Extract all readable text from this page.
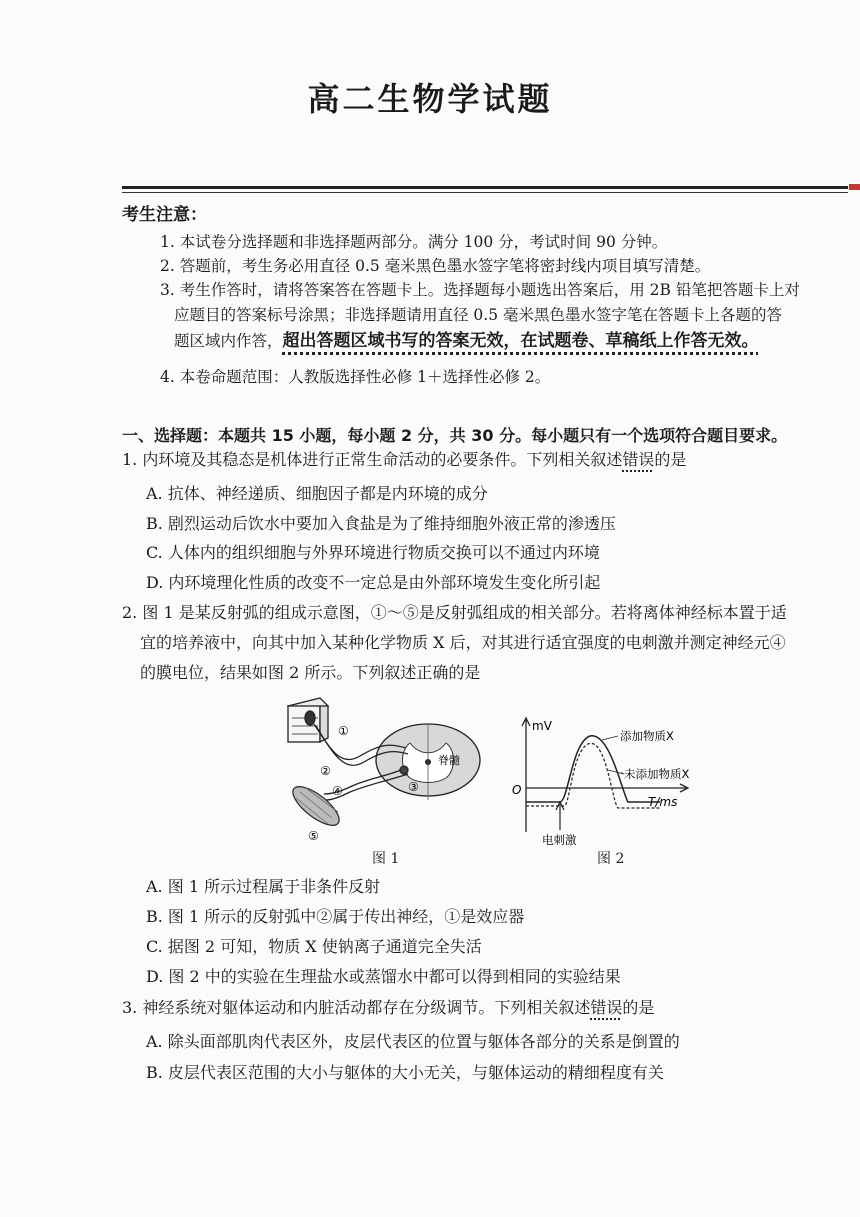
高二生物学试题
考生注意：
1. 本试卷分选择题和非选择题两部分。满分 100 分，考试时间 90 分钟。
2. 答题前，考生务必用直径 0.5 毫米黑色墨水签字笔将密封线内项目填写清楚。
3. 考生作答时，请将答案答在答题卡上。选择题每小题选出答案后，用 2B 铅笔把答题卡上对
应题目的答案标号涂黑；非选择题请用直径 0.5 毫米黑色墨水签字笔在答题卡上各题的答
题区域内作答，超出答题区域书写的答案无效，在试题卷、草稿纸上作答无效。
4. 本卷命题范围：人教版选择性必修 1＋选择性必修 2。
一、选择题：本题共 15 小题，每小题 2 分，共 30 分。每小题只有一个选项符合题目要求。
1. 内环境及其稳态是机体进行正常生命活动的必要条件。下列相关叙述错误的是
A. 抗体、神经递质、细胞因子都是内环境的成分
B. 剧烈运动后饮水中要加入食盐是为了维持细胞外液正常的渗透压
C. 人体内的组织细胞与外界环境进行物质交换可以不通过内环境
D. 内环境理化性质的改变不一定总是由外部环境发生变化所引起
2. 图 1 是某反射弧的组成示意图，①～⑤是反射弧组成的相关部分。若将离体神经标本置于适
宜的培养液中，向其中加入某种化学物质 X 后，对其进行适宜强度的电刺激并测定神经元④
的膜电位，结果如图 2 所示。下列叙述正确的是
①
②
③
④
⑤
脊髓
图 1
mV
O
T/ms
添加物质X
未添加物质X
电刺激
图 2
A. 图 1 所示过程属于非条件反射
B. 图 1 所示的反射弧中②属于传出神经，①是效应器
C. 据图 2 可知，物质 X 使钠离子通道完全失活
D. 图 2 中的实验在生理盐水或蒸馏水中都可以得到相同的实验结果
3. 神经系统对躯体运动和内脏活动都存在分级调节。下列相关叙述错误的是
A. 除头面部肌肉代表区外，皮层代表区的位置与躯体各部分的关系是倒置的
B. 皮层代表区范围的大小与躯体的大小无关，与躯体运动的精细程度有关
